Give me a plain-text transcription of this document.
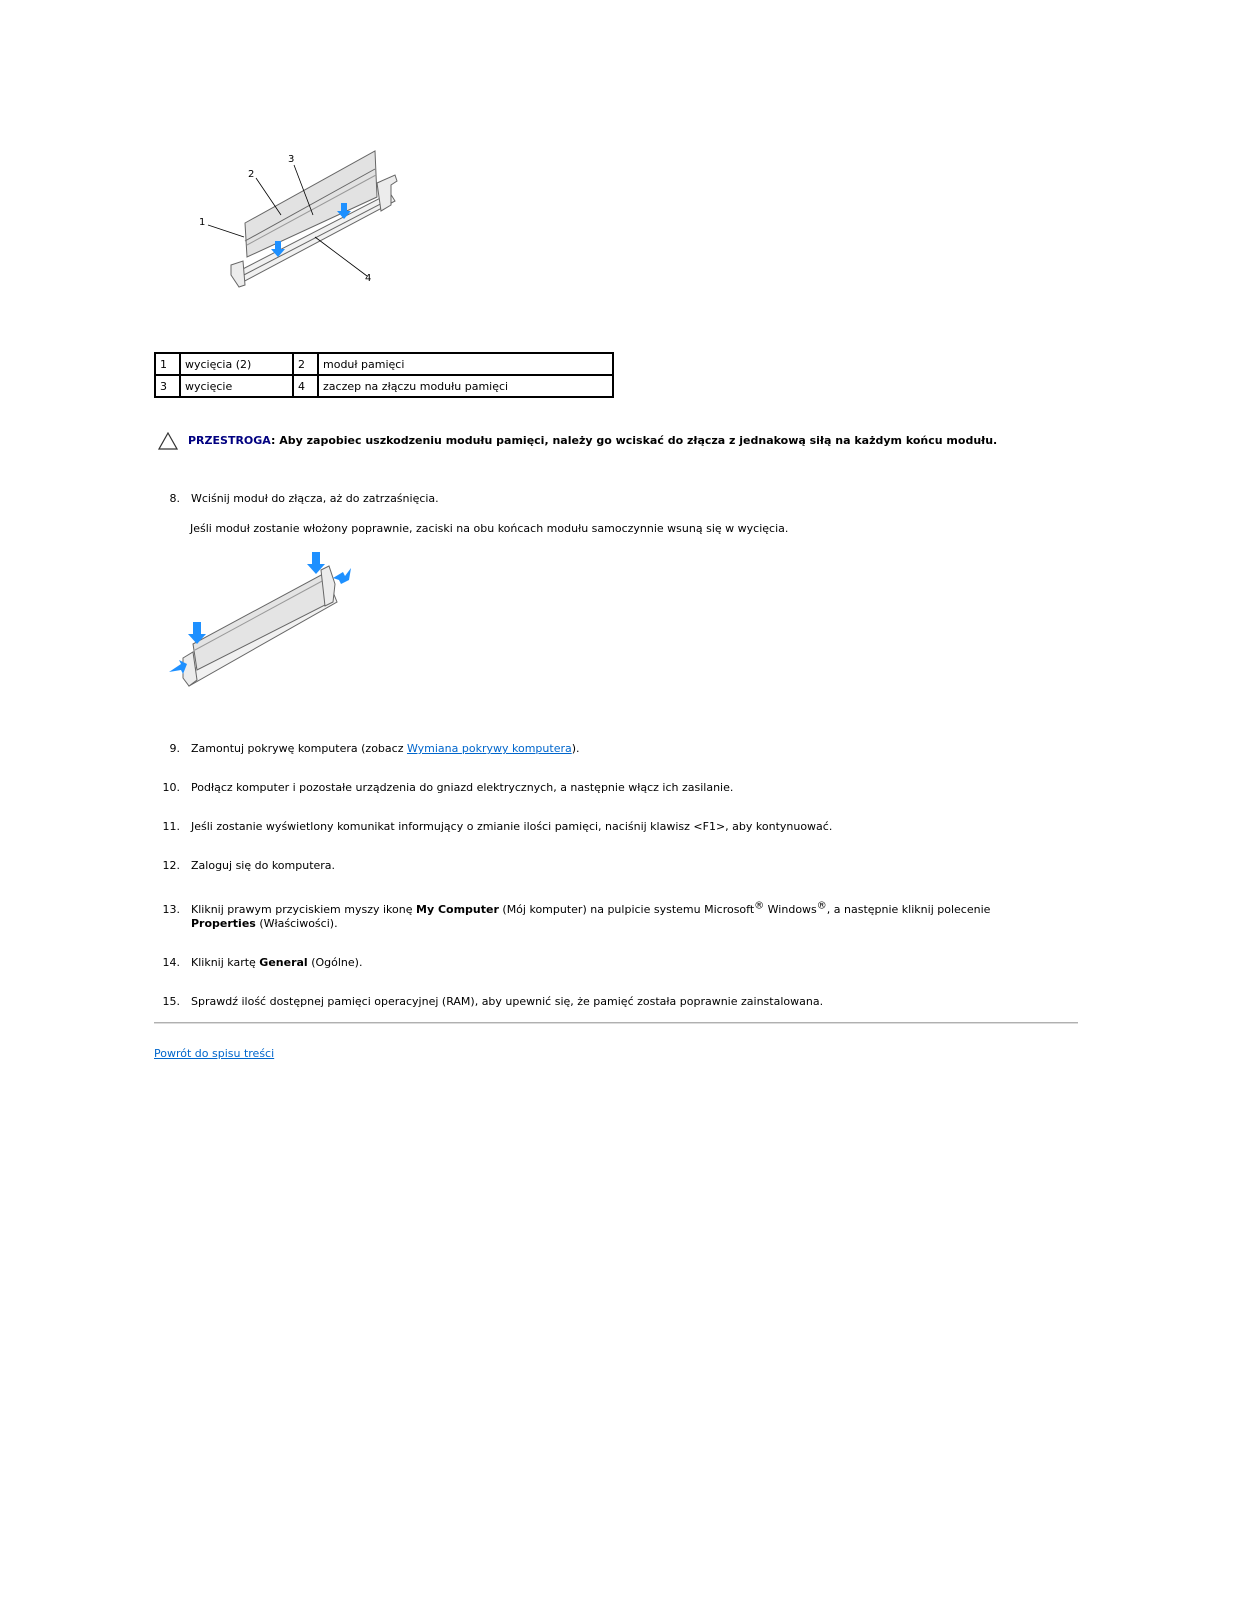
1
2
3
4
1	wycięcia (2)	2	moduł pamięci
3	wycięcie	4	zaczep na złączu modułu pamięci
PRZESTROGA: Aby zapobiec uszkodzeniu modułu pamięci, należy go wciskać do złącza z jednakową siłą na każdym końcu modułu.
8. Wciśnij moduł do złącza, aż do zatrzaśnięcia.
Jeśli moduł zostanie włożony poprawnie, zaciski na obu końcach modułu samoczynnie wsuną się w wycięcia.
9. Zamontuj pokrywę komputera (zobacz Wymiana pokrywy komputera).
10. Podłącz komputer i pozostałe urządzenia do gniazd elektrycznych, a następnie włącz ich zasilanie.
11. Jeśli zostanie wyświetlony komunikat informujący o zmianie ilości pamięci, naciśnij klawisz <F1>, aby kontynuować.
12. Zaloguj się do komputera.
13. Kliknij prawym przyciskiem myszy ikonę My Computer (Mój komputer) na pulpicie systemu Microsoft® Windows®, a następnie kliknij polecenie Properties (Właściwości).
14. Kliknij kartę General (Ogólne).
15. Sprawdź ilość dostępnej pamięci operacyjnej (RAM), aby upewnić się, że pamięć została poprawnie zainstalowana.
Powrót do spisu treści
